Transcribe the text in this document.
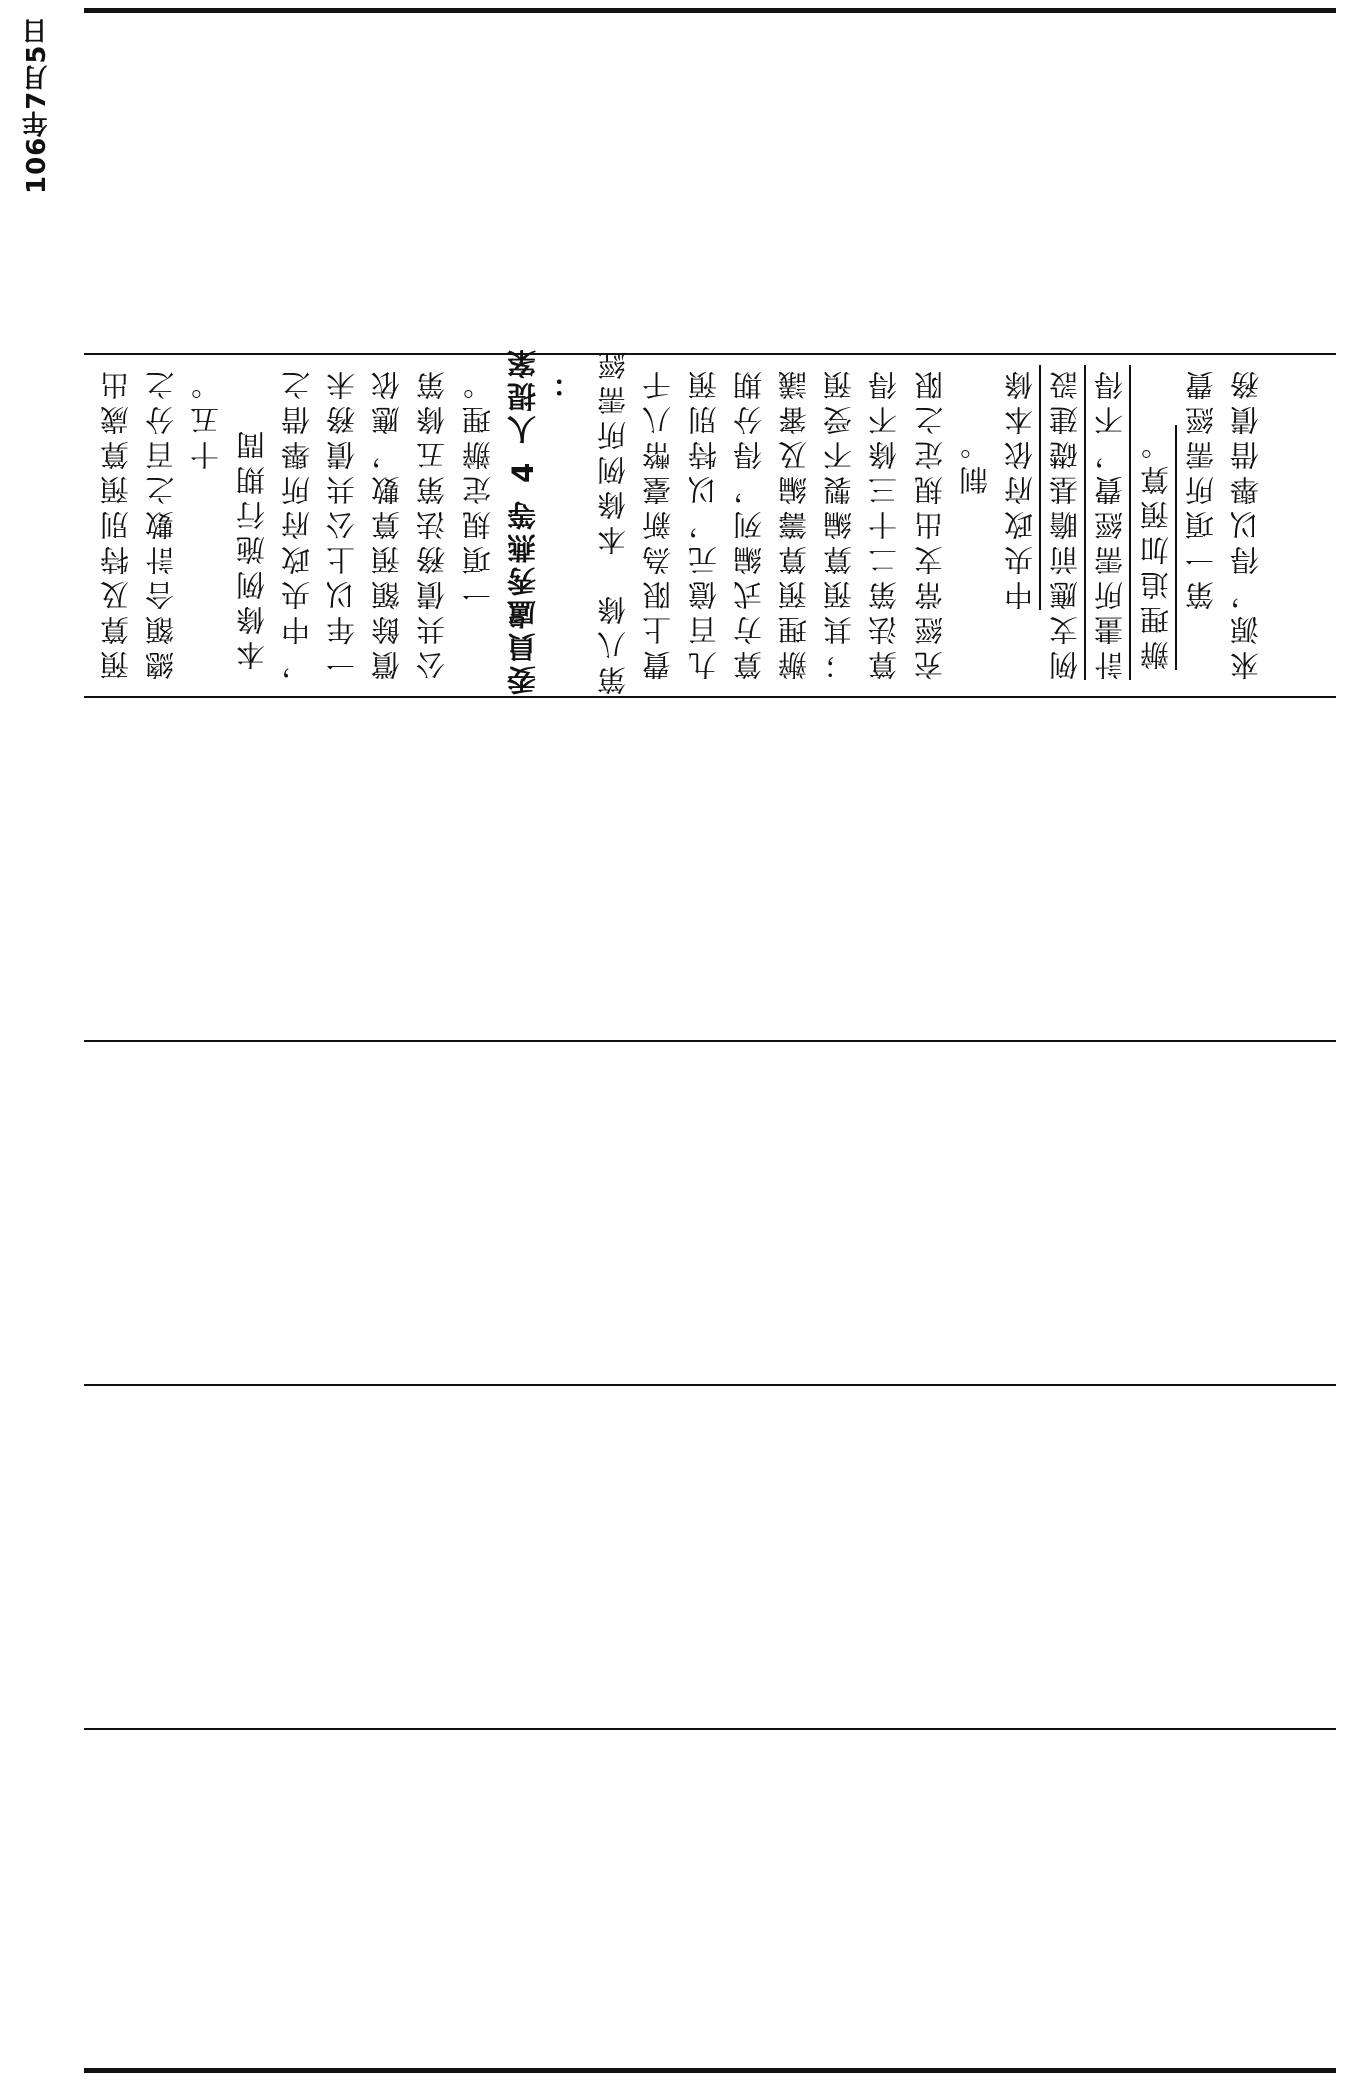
106年7月5日
預算及特別預算歲出 總額合計數之百分之 十五。
本條例施行期間 ，中央政府所舉借之 一年以上公共債務未 償餘額預算數，應依 公共債務法第五條第 一項規定辦理。 委員盧秀燕等 4 人提案 ： 第八條　本條例所需經 費上限為新臺幣八千 九百億元，以特別預 算方式編列，得分期 辦理預算籌編及審議 ；其預算編製不受預 算法第二十三條不得 充經常支出規定之限 制。 中央政府依本條 例支應前瞻基礎建設 計畫所需經費，不得 辦理追加預算。 第一項所需經費 來源，得以舉借債務
